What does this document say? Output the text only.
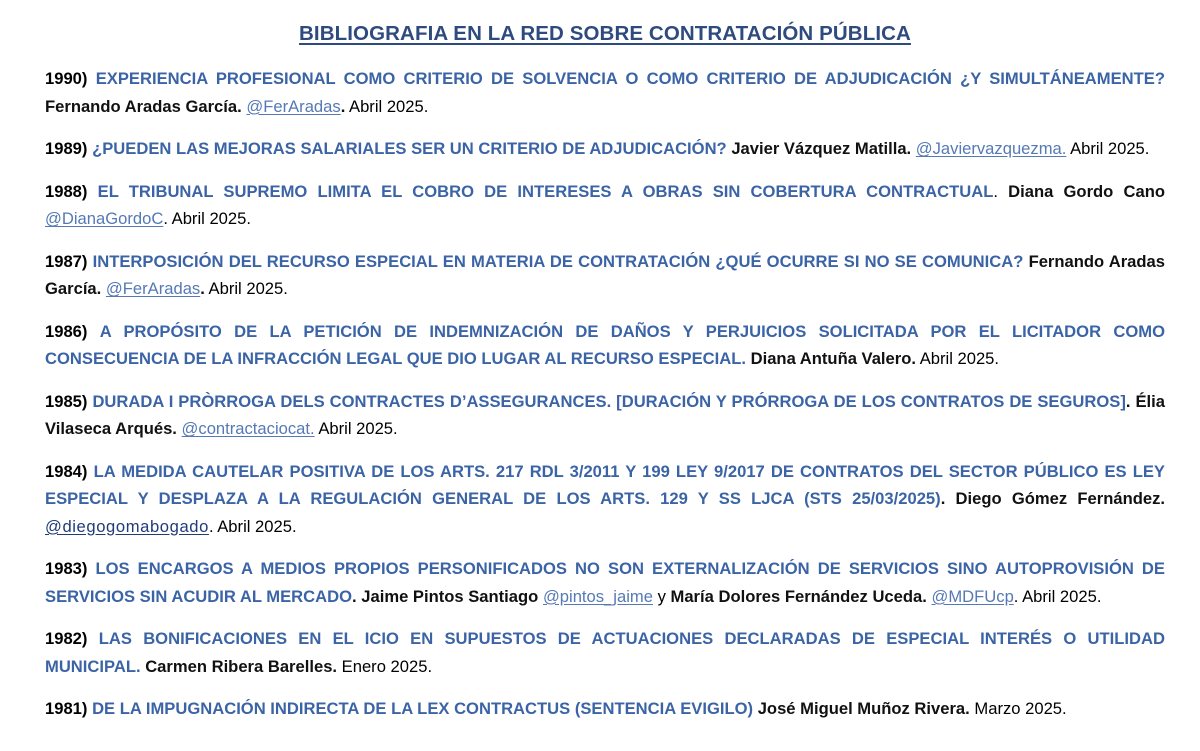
BIBLIOGRAFIA EN LA RED SOBRE CONTRATACIÓN PÚBLICA
1990) EXPERIENCIA PROFESIONAL COMO CRITERIO DE SOLVENCIA O COMO CRITERIO DE ADJUDICACIÓN ¿Y SIMULTÁNEAMENTE? Fernando Aradas García. @FerAradas. Abril 2025.
1989) ¿PUEDEN LAS MEJORAS SALARIALES SER UN CRITERIO DE ADJUDICACIÓN? Javier Vázquez Matilla. @Javiervazquezma. Abril 2025.
1988) EL TRIBUNAL SUPREMO LIMITA EL COBRO DE INTERESES A OBRAS SIN COBERTURA CONTRACTUAL. Diana Gordo Cano @DianaGordoC. Abril 2025.
1987) INTERPOSICIÓN DEL RECURSO ESPECIAL EN MATERIA DE CONTRATACIÓN ¿QUÉ OCURRE SI NO SE COMUNICA? Fernando Aradas García. @FerAradas. Abril 2025.
1986) A PROPÓSITO DE LA PETICIÓN DE INDEMNIZACIÓN DE DAÑOS Y PERJUICIOS SOLICITADA POR EL LICITADOR COMO CONSECUENCIA DE LA INFRACCIÓN LEGAL QUE DIO LUGAR AL RECURSO ESPECIAL. Diana Antuña Valero. Abril 2025.
1985) DURADA I PRÒRROGA DELS CONTRACTES D’ASSEGURANCES. [DURACIÓN Y PRÓRROGA DE LOS CONTRATOS DE SEGUROS]. Élia Vilaseca Arqués. @contractaciocat. Abril 2025.
1984) LA MEDIDA CAUTELAR POSITIVA DE LOS ARTS. 217 RDL 3/2011 Y 199 LEY 9/2017 DE CONTRATOS DEL SECTOR PÚBLICO ES LEY ESPECIAL Y DESPLAZA A LA REGULACIÓN GENERAL DE LOS ARTS. 129 Y SS LJCA (STS 25/03/2025). Diego Gómez Fernández. @diegogomabogado. Abril 2025.
1983) LOS ENCARGOS A MEDIOS PROPIOS PERSONIFICADOS NO SON EXTERNALIZACIÓN DE SERVICIOS SINO AUTOPROVISIÓN DE SERVICIOS SIN ACUDIR AL MERCADO. Jaime Pintos Santiago @pintos_jaime y María Dolores Fernández Uceda. @MDFUcp. Abril 2025.
1982) LAS BONIFICACIONES EN EL ICIO EN SUPUESTOS DE ACTUACIONES DECLARADAS DE ESPECIAL INTERÉS O UTILIDAD MUNICIPAL. Carmen Ribera Barelles. Enero 2025.
1981) DE LA IMPUGNACIÓN INDIRECTA DE LA LEX CONTRACTUS (SENTENCIA EVIGILO) José Miguel Muñoz Rivera. Marzo 2025.
